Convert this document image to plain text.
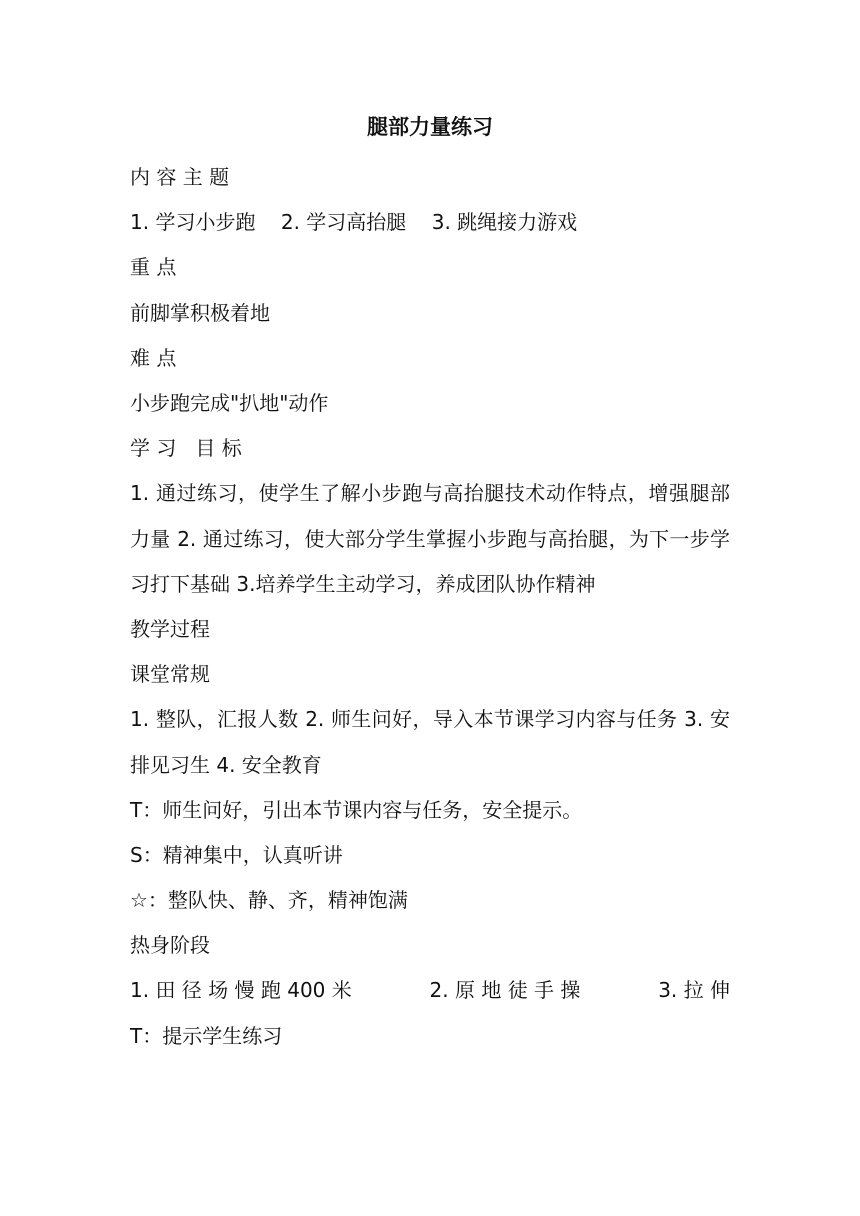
腿部力量练习
内 容 主 题
1. 学习小步跑    2. 学习高抬腿    3. 跳绳接力游戏
重 点
前脚掌积极着地
难 点
小步跑完成"扒地"动作
学 习   目 标
1. 通过练习，使学生了解小步跑与高抬腿技术动作特点，增强腿部力量 2. 通过练习，使大部分学生掌握小步跑与高抬腿，为下一步学习打下基础 3.培养学生主动学习，养成团队协作精神
教学过程
课堂常规
1. 整队，汇报人数 2. 师生问好，导入本节课学习内容与任务 3. 安排见习生 4. 安全教育
T：师生问好，引出本节课内容与任务，安全提示。
S：精神集中，认真听讲
☆：整队快、静、齐，精神饱满
热身阶段
1. 田 径 场 慢 跑 400 米	2. 原 地 徒 手 操	3. 拉 伸
T：提示学生练习
